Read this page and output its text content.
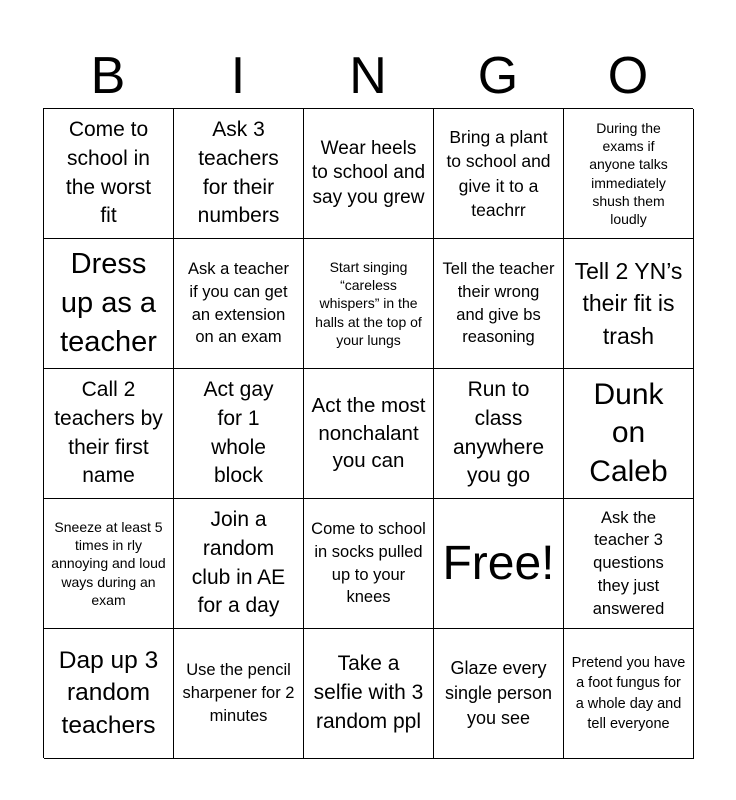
B	I	N	G	O
Come to school in the worst fit
Ask 3 teachers for their numbers
Wear heels to school and say you grew
Bring a plant to school and give it to a teachrr
During the exams if anyone talks immediately shush them loudly
Dress up as a teacher
Ask a teacher if you can get an extension on an exam
Start singing “careless whispers” in the halls at the top of your lungs
Tell the teacher their wrong and give bs reasoning
Tell 2 YN’s their fit is trash
Call 2 teachers by their first name
Act gay for 1 whole block
Act the most nonchalant you can
Run to class anywhere you go
Dunk on Caleb
Sneeze at least 5 times in rly annoying and loud ways during an exam
Join a random club in AE for a day
Come to school in socks pulled up to your knees
Free!
Ask the teacher 3 questions they just answered
Dap up 3 random teachers
Use the pencil sharpener for 2 minutes
Take a selfie with 3 random ppl
Glaze every single person you see
Pretend you have a foot fungus for a whole day and tell everyone
